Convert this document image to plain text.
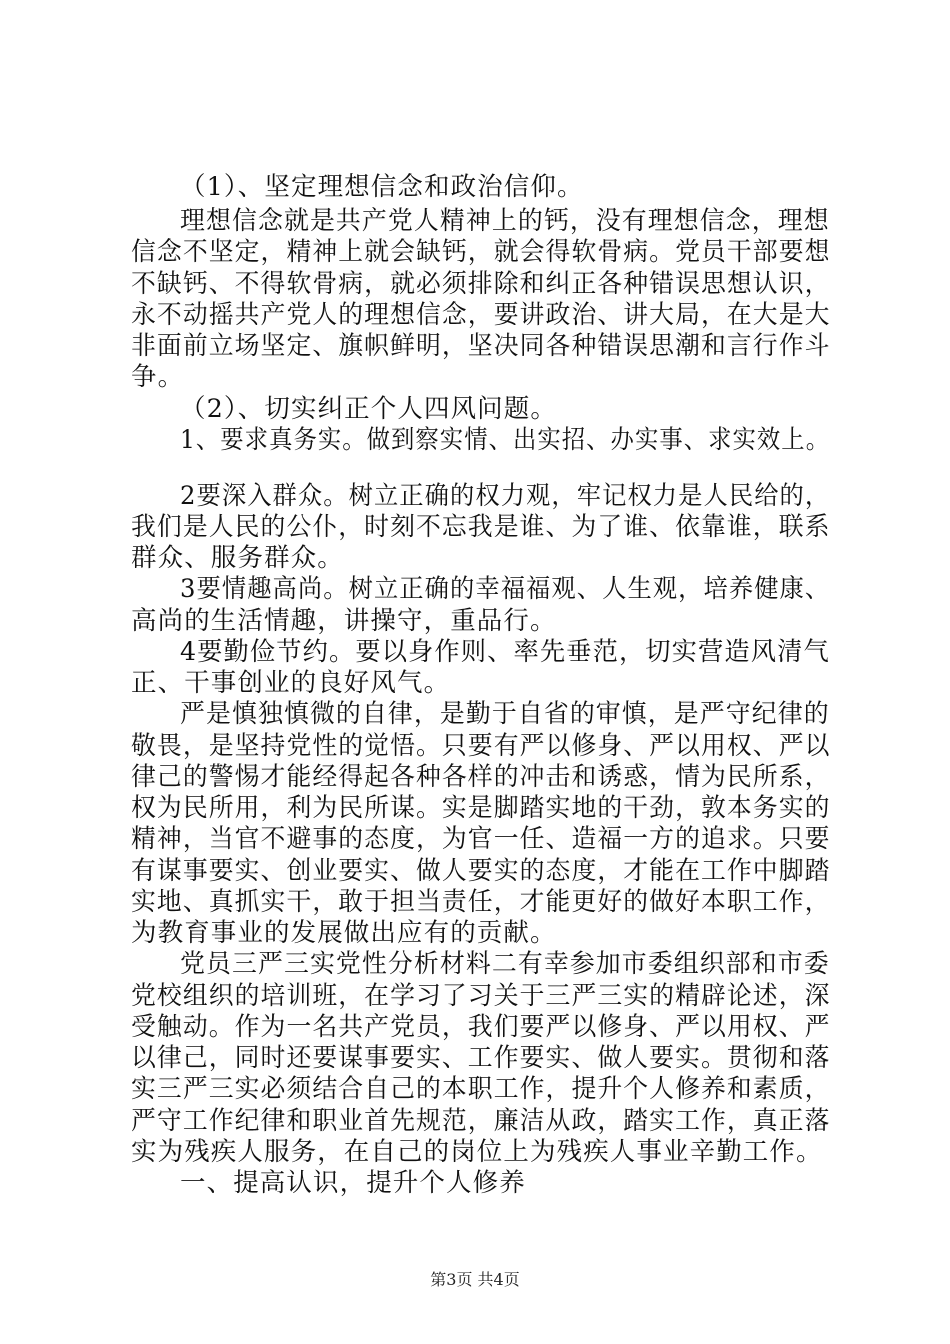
（1）、坚定理想信念和政治信仰。

理想信念就是共产党人精神上的钙，没有理想信念，理想

信念不坚定，精神上就会缺钙，就会得软骨病。党员干部要想

不缺钙、不得软骨病，就必须排除和纠正各种错误思想认识，

永不动摇共产党人的理想信念，要讲政治、讲大局，在大是大

非面前立场坚定、旗帜鲜明，坚决同各种错误思潮和言行作斗

争。

（2）、切实纠正个人四风问题。

1、要求真务实。做到察实情、出实招、办实事、求实效上。

2要深入群众。树立正确的权力观，牢记权力是人民给的，

我们是人民的公仆，时刻不忘我是谁、为了谁、依靠谁，联系

群众、服务群众。

3要情趣高尚。树立正确的幸福福观、人生观，培养健康、

高尚的生活情趣，讲操守，重品行。

4要勤俭节约。要以身作则、率先垂范，切实营造风清气

正、干事创业的良好风气。

严是慎独慎微的自律，是勤于自省的审慎，是严守纪律的

敬畏，是坚持党性的觉悟。只要有严以修身、严以用权、严以

律己的警惕才能经得起各种各样的冲击和诱惑，情为民所系，

权为民所用，利为民所谋。实是脚踏实地的干劲，敦本务实的

精神，当官不避事的态度，为官一任、造福一方的追求。只要

有谋事要实、创业要实、做人要实的态度，才能在工作中脚踏

实地、真抓实干，敢于担当责任，才能更好的做好本职工作，

为教育事业的发展做出应有的贡献。

党员三严三实党性分析材料二有幸参加市委组织部和市委

党校组织的培训班，在学习了习关于三严三实的精辟论述，深

受触动。作为一名共产党员，我们要严以修身、严以用权、严

以律己，同时还要谋事要实、工作要实、做人要实。贯彻和落

实三严三实必须结合自己的本职工作，提升个人修养和素质，

严守工作纪律和职业首先规范，廉洁从政，踏实工作，真正落

实为残疾人服务，在自己的岗位上为残疾人事业辛勤工作。

一、提高认识，提升个人修养

第3页 共4页
